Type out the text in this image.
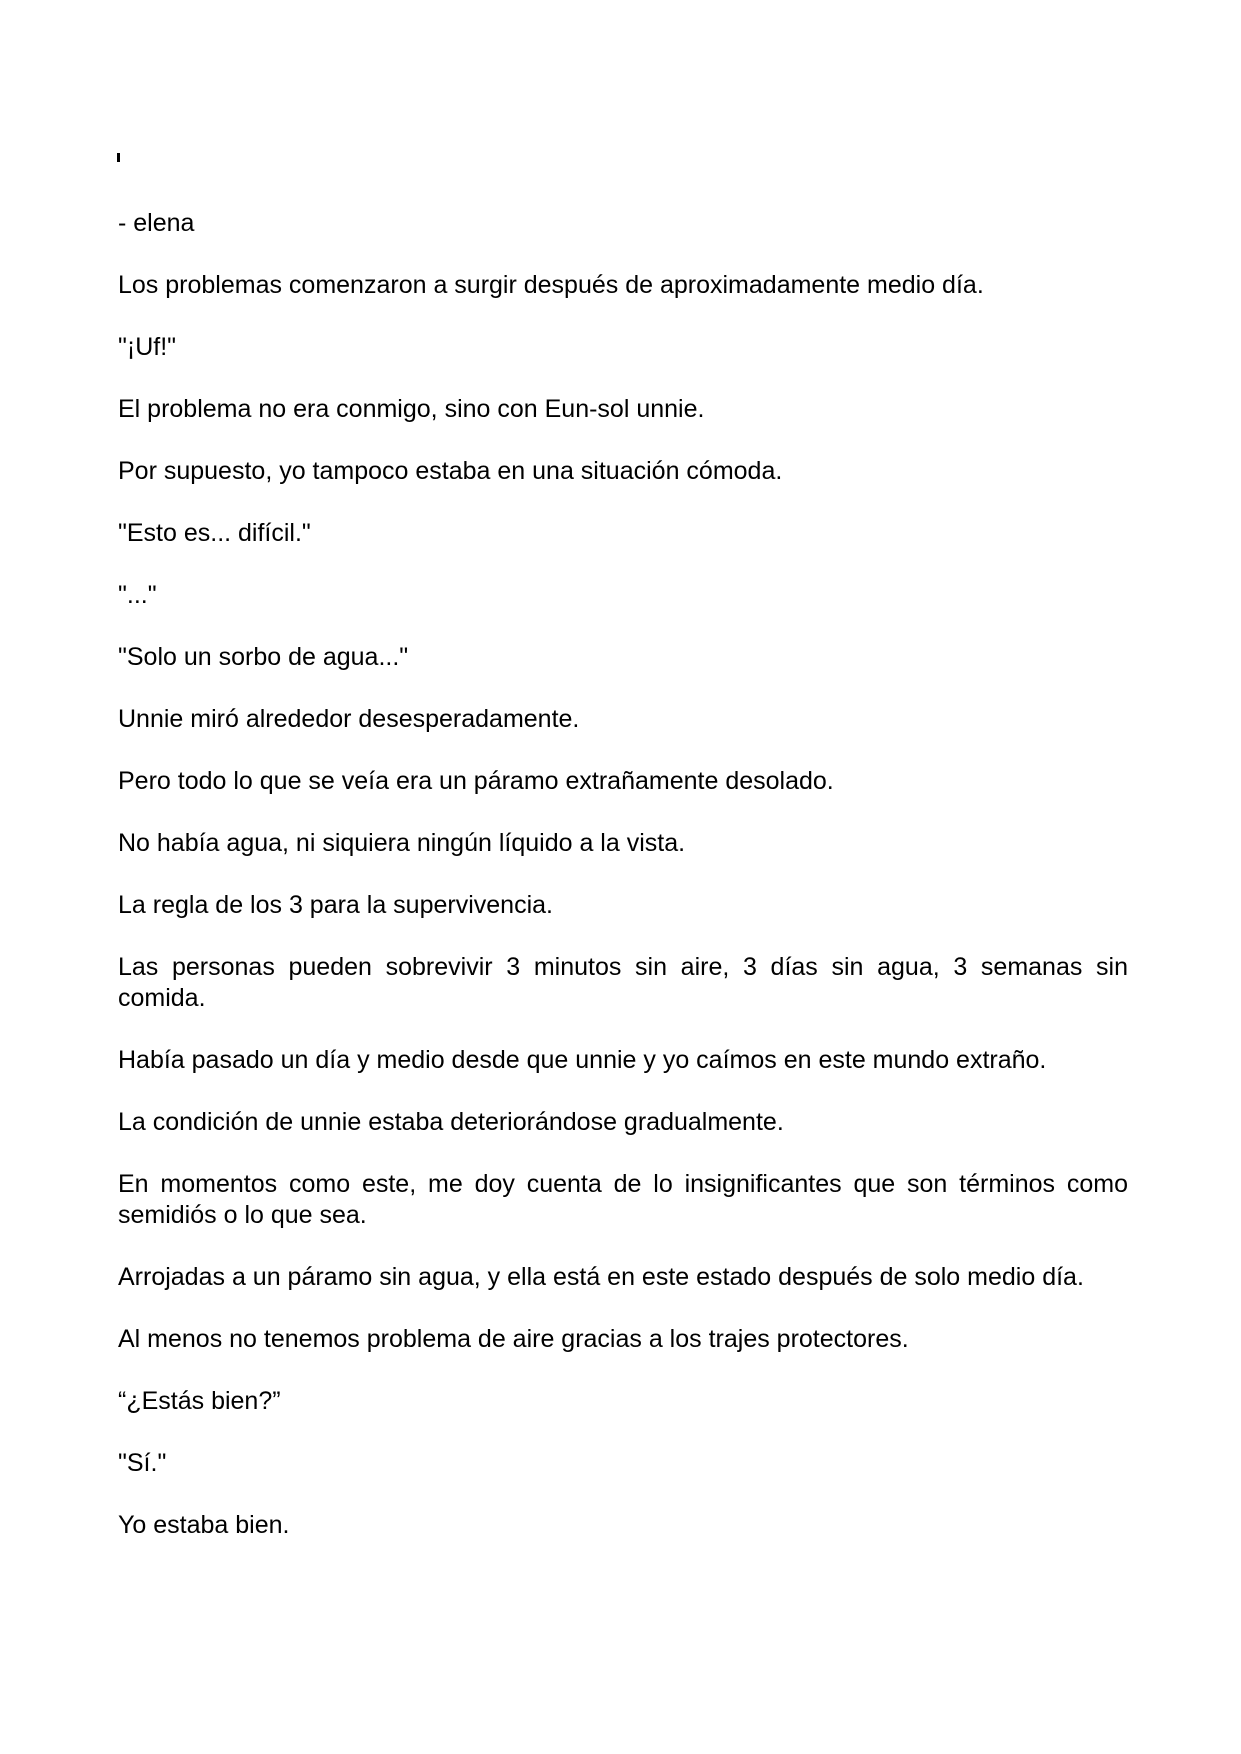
- elena

Los problemas comenzaron a surgir después de aproximadamente medio día.

"¡Uf!"

El problema no era conmigo, sino con Eun-sol unnie.

Por supuesto, yo tampoco estaba en una situación cómoda.

"Esto es... difícil."

"..."

"Solo un sorbo de agua..."

Unnie miró alrededor desesperadamente.

Pero todo lo que se veía era un páramo extrañamente desolado.

No había agua, ni siquiera ningún líquido a la vista.

La regla de los 3 para la supervivencia.

Las personas pueden sobrevivir 3 minutos sin aire, 3 días sin agua, 3 semanas sin comida.

Había pasado un día y medio desde que unnie y yo caímos en este mundo extraño.

La condición de unnie estaba deteriorándose gradualmente.

En momentos como este, me doy cuenta de lo insignificantes que son términos como semidiós o lo que sea.

Arrojadas a un páramo sin agua, y ella está en este estado después de solo medio día.

Al menos no tenemos problema de aire gracias a los trajes protectores.

“¿Estás bien?”

"Sí."

Yo estaba bien.
